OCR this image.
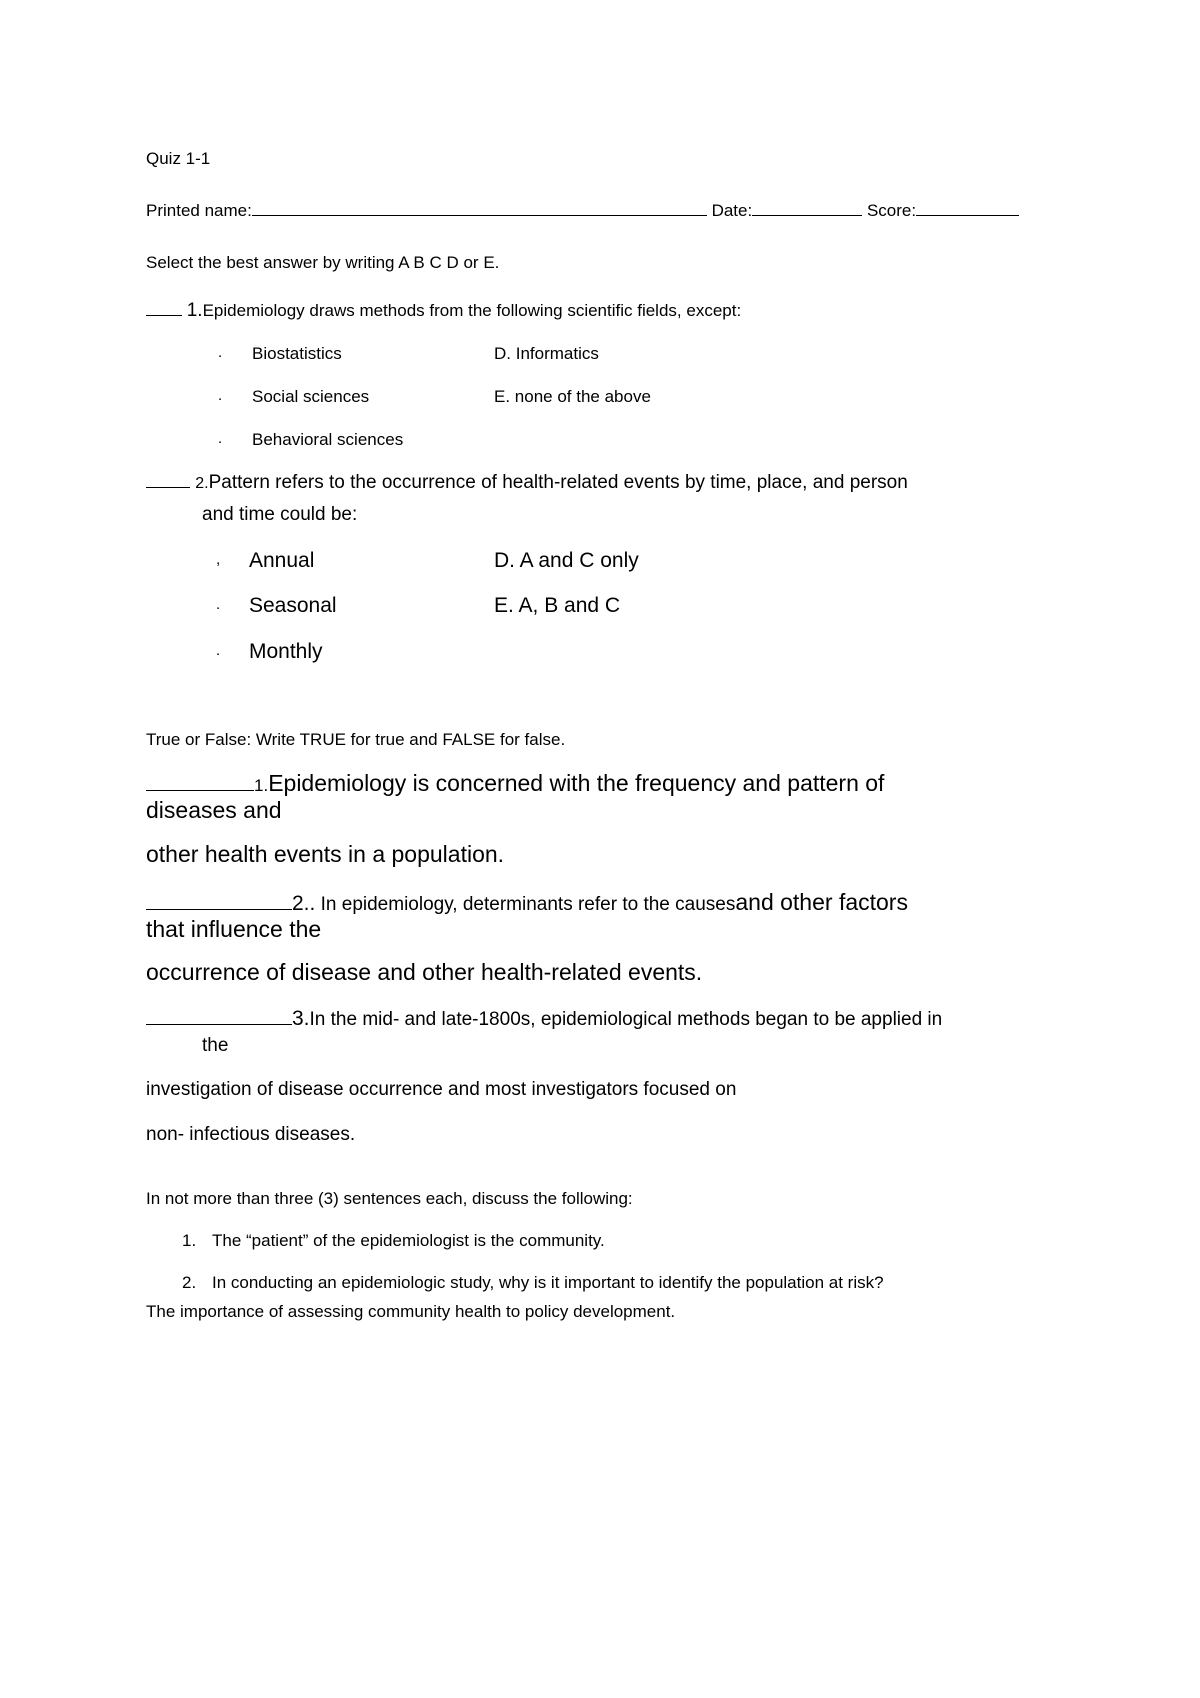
Quiz 1-1
Printed name:	Date:	Score:
Select the best answer by writing A B C D or E.
1.Epidemiology draws methods from the following scientific fields, except:
. Biostatistics	D. Informatics
. Social sciences	E. none of the above
. Behavioral sciences
2.Pattern refers to the occurrence of health-related events by time, place, and person
and time could be:
, Annual	D. A and C only
. Seasonal	E. A, B and C
. Monthly
True or False: Write TRUE for true and FALSE for false.
1.Epidemiology is concerned with the frequency and pattern of
diseases and
other health events in a population.
2.. In epidemiology, determinants refer to the causesand other factors
that influence the
occurrence of disease and other health-related events.
3.In the mid- and late-1800s, epidemiological methods began to be applied in
the
investigation of disease occurrence and most investigators focused on
non- infectious diseases.
In not more than three (3) sentences each, discuss the following:
1. The “patient” of the epidemiologist is the community.
2. In conducting an epidemiologic study, why is it important to identify the population at risk?
The importance of assessing community health to policy development.
